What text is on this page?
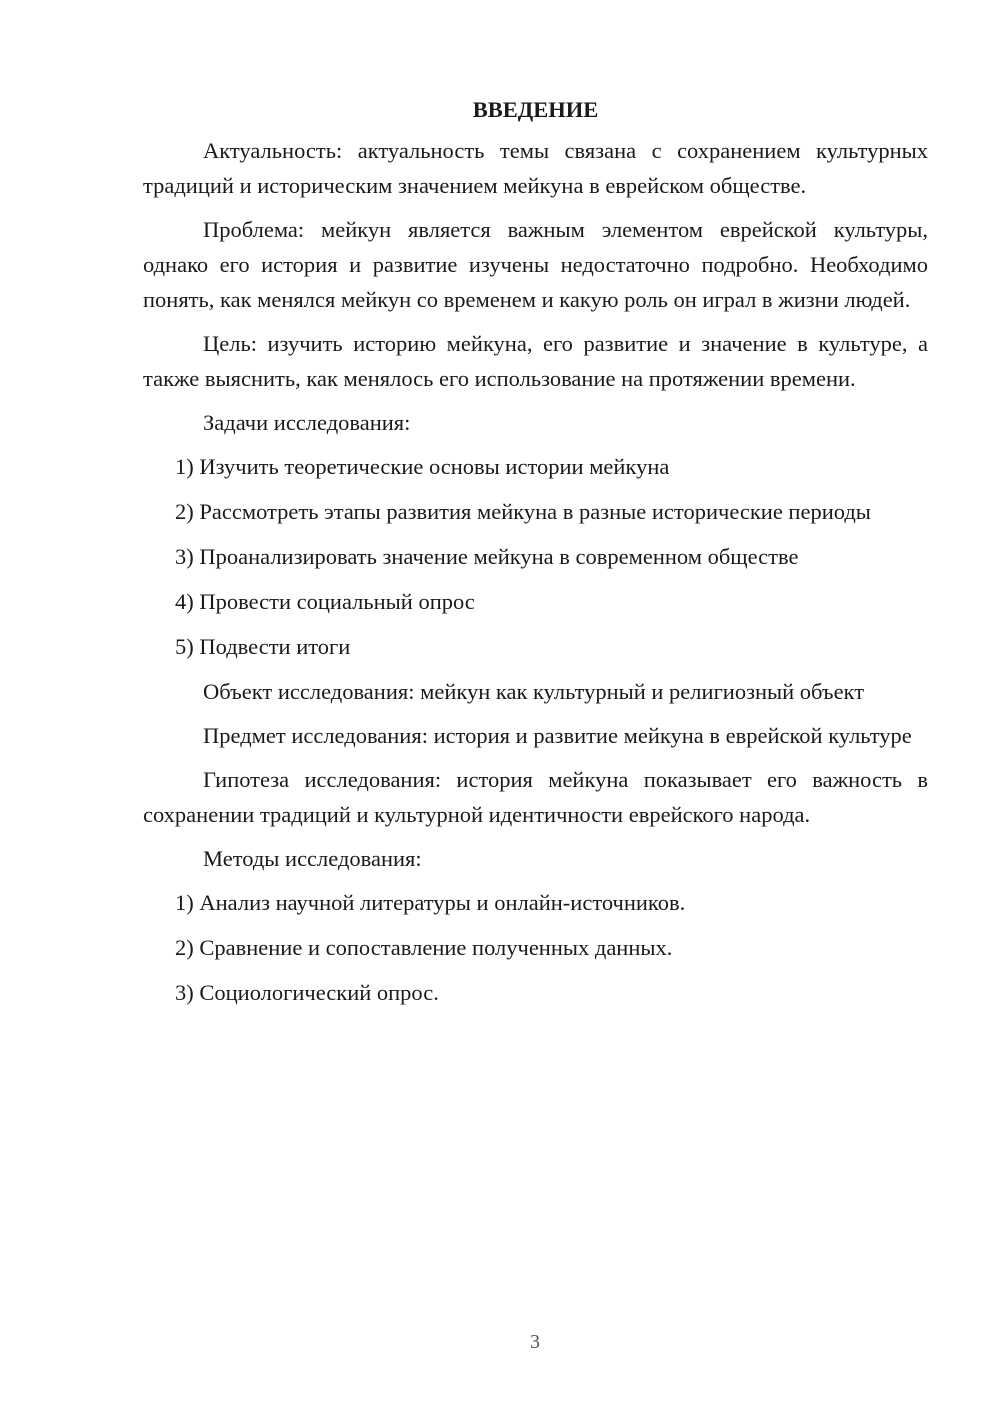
ВВЕДЕНИЕ

Актуальность: актуальность темы связана с сохранением культурных традиций и историческим значением мейкуна в еврейском обществе.

Проблема: мейкун является важным элементом еврейской культуры, однако его история и развитие изучены недостаточно подробно. Необходимо понять, как менялся мейкун со временем и какую роль он играл в жизни людей.

Цель: изучить историю мейкуна, его развитие и значение в культуре, а также выяснить, как менялось его использование на протяжении времени.

Задачи исследования:

1) Изучить теоретические основы истории мейкуна

2) Рассмотреть этапы развития мейкуна в разные исторические периоды

3) Проанализировать значение мейкуна в современном обществе

4) Провести социальный опрос

5) Подвести итоги

Объект исследования: мейкун как культурный и религиозный объект

Предмет исследования: история и развитие мейкуна в еврейской культуре

Гипотеза исследования: история мейкуна показывает его важность в сохранении традиций и культурной идентичности еврейского народа.

Методы исследования:

1) Анализ научной литературы и онлайн-источников.

2) Сравнение и сопоставление полученных данных.

3) Социологический опрос.

3
